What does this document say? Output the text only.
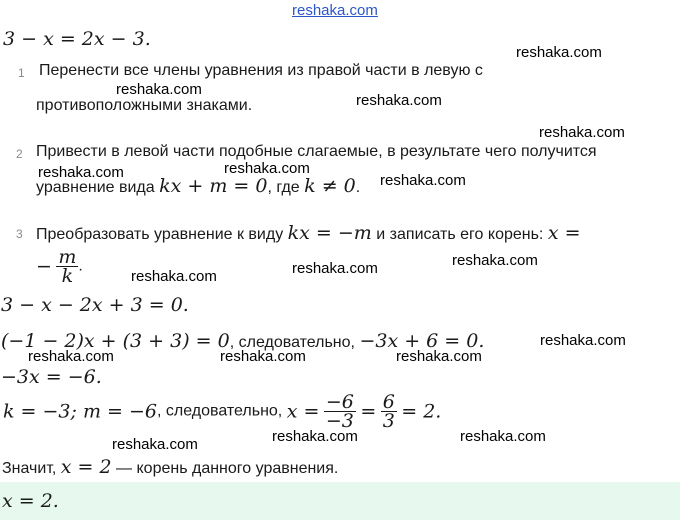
reshaka.com
3 − x = 2x − 3.
1 Перенести все члены уравнения из правой части в левую с
противоположными знаками.
2 Привести в левой части подобные слагаемые, в результате чего получится
уравнение вида kx + m = 0, где k ≠ 0.
3 Преобразовать уравнение к виду kx = −m и записать его корень: x =
− $\frac{m}{k}$ .
3 − x − 2x + 3 = 0.
(−1 − 2)x + (3 + 3) = 0, следовательно, −3x + 6 = 0.
−3x = −6.
k = −3; m = −6, следовательно, $x = \frac{-6}{-3} = \frac{6}{3} = 2$.
Значит, x = 2 — корень данного уравнения.
x = 2.
reshaka.com
reshaka.com
reshaka.com
reshaka.com
reshaka.com
reshaka.com	reshaka.com
reshaka.com
reshaka.com
reshaka.com
reshaka.com
reshaka.com	reshaka.com	reshaka.com
reshaka.com	reshaka.com
reshaka.com
